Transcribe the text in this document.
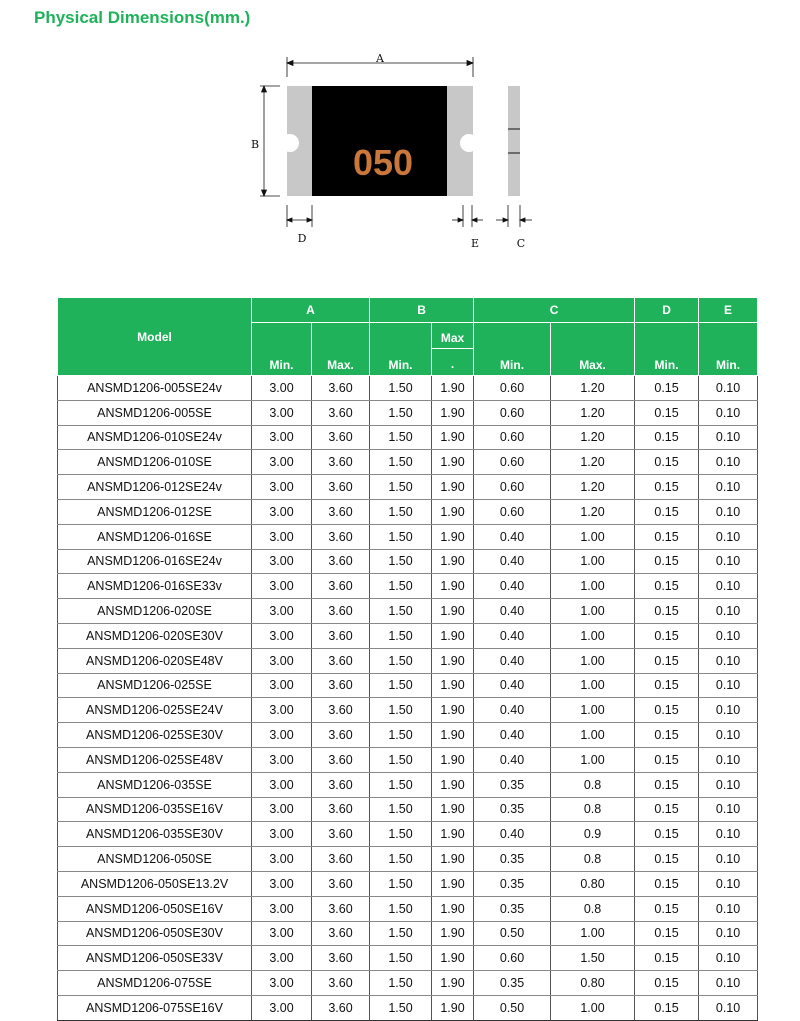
Physical Dimensions(mm.)
A
B	050
D	E	C
Model	A		B		C		D	E
	Min.	Max.	Min.	Max	Min.	Max.	Min.	Min.
				.				
ANSMD1206-005SE24v	3.00	3.60	1.50	1.90	0.60	1.20	0.15	0.10
ANSMD1206-005SE	3.00	3.60	1.50	1.90	0.60	1.20	0.15	0.10
ANSMD1206-010SE24v	3.00	3.60	1.50	1.90	0.60	1.20	0.15	0.10
ANSMD1206-010SE	3.00	3.60	1.50	1.90	0.60	1.20	0.15	0.10
ANSMD1206-012SE24v	3.00	3.60	1.50	1.90	0.60	1.20	0.15	0.10
ANSMD1206-012SE	3.00	3.60	1.50	1.90	0.60	1.20	0.15	0.10
ANSMD1206-016SE	3.00	3.60	1.50	1.90	0.40	1.00	0.15	0.10
ANSMD1206-016SE24v	3.00	3.60	1.50	1.90	0.40	1.00	0.15	0.10
ANSMD1206-016SE33v	3.00	3.60	1.50	1.90	0.40	1.00	0.15	0.10
ANSMD1206-020SE	3.00	3.60	1.50	1.90	0.40	1.00	0.15	0.10
ANSMD1206-020SE30V	3.00	3.60	1.50	1.90	0.40	1.00	0.15	0.10
ANSMD1206-020SE48V	3.00	3.60	1.50	1.90	0.40	1.00	0.15	0.10
ANSMD1206-025SE	3.00	3.60	1.50	1.90	0.40	1.00	0.15	0.10
ANSMD1206-025SE24V	3.00	3.60	1.50	1.90	0.40	1.00	0.15	0.10
ANSMD1206-025SE30V	3.00	3.60	1.50	1.90	0.40	1.00	0.15	0.10
ANSMD1206-025SE48V	3.00	3.60	1.50	1.90	0.40	1.00	0.15	0.10
ANSMD1206-035SE	3.00	3.60	1.50	1.90	0.35	0.8	0.15	0.10
ANSMD1206-035SE16V	3.00	3.60	1.50	1.90	0.35	0.8	0.15	0.10
ANSMD1206-035SE30V	3.00	3.60	1.50	1.90	0.40	0.9	0.15	0.10
ANSMD1206-050SE	3.00	3.60	1.50	1.90	0.35	0.8	0.15	0.10
ANSMD1206-050SE13.2V	3.00	3.60	1.50	1.90	0.35	0.80	0.15	0.10
ANSMD1206-050SE16V	3.00	3.60	1.50	1.90	0.35	0.8	0.15	0.10
ANSMD1206-050SE30V	3.00	3.60	1.50	1.90	0.50	1.00	0.15	0.10
ANSMD1206-050SE33V	3.00	3.60	1.50	1.90	0.60	1.50	0.15	0.10
ANSMD1206-075SE	3.00	3.60	1.50	1.90	0.35	0.80	0.15	0.10
ANSMD1206-075SE16V	3.00	3.60	1.50	1.90	0.50	1.00	0.15	0.10
